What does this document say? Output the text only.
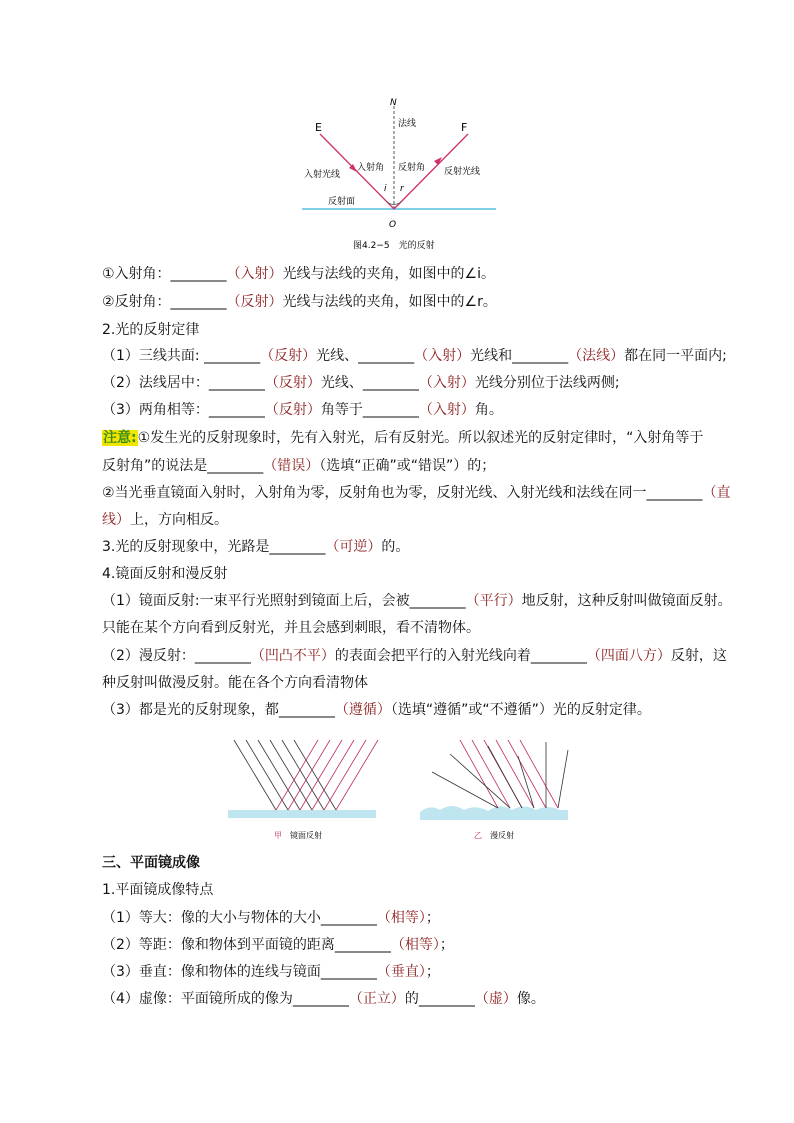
N
E	F
法线
入射光线
入射角 反射角 反射光线
i r
反射面
O
图4.2−5　光的反射
①入射角：________（入射）光线与法线的夹角，如图中的∠i。
②反射角：________（反射）光线与法线的夹角，如图中的∠r。
2.光的反射定律
（1）三线共面: ________（反射）光线、________（入射）光线和________（法线）都在同一平面内;
（2）法线居中：________（反射）光线、________（入射）光线分别位于法线两侧;
（3）两角相等：________（反射）角等于________（入射）角。
注意:①发生光的反射现象时，先有入射光，后有反射光。所以叙述光的反射定律时，“入射角等于
反射角”的说法是________（错误）（选填“正确”或“错误”）的；
②当光垂直镜面入射时，入射角为零，反射角也为零，反射光线、入射光线和法线在同一________（直
线）上，方向相反。
3.光的反射现象中，光路是________（可逆）的。
4.镜面反射和漫反射
（1）镜面反射:一束平行光照射到镜面上后，会被________（平行）地反射，这种反射叫做镜面反射。
只能在某个方向看到反射光，并且会感到刺眼，看不清物体。
（2）漫反射：________（凹凸不平）的表面会把平行的入射光线向着________（四面八方）反射，这
种反射叫做漫反射。能在各个方向看清物体
（3）都是光的反射现象，都________（遵循）（选填“遵循”或“不遵循”）光的反射定律。
甲 镜面反射	乙 漫反射
三、平面镜成像
1.平面镜成像特点
（1）等大：像的大小与物体的大小________（相等）；
（2）等距：像和物体到平面镜的距离________（相等）；
（3）垂直：像和物体的连线与镜面________（垂直）；
（4）虚像：平面镜所成的像为________（正立）的________（虚）像。
